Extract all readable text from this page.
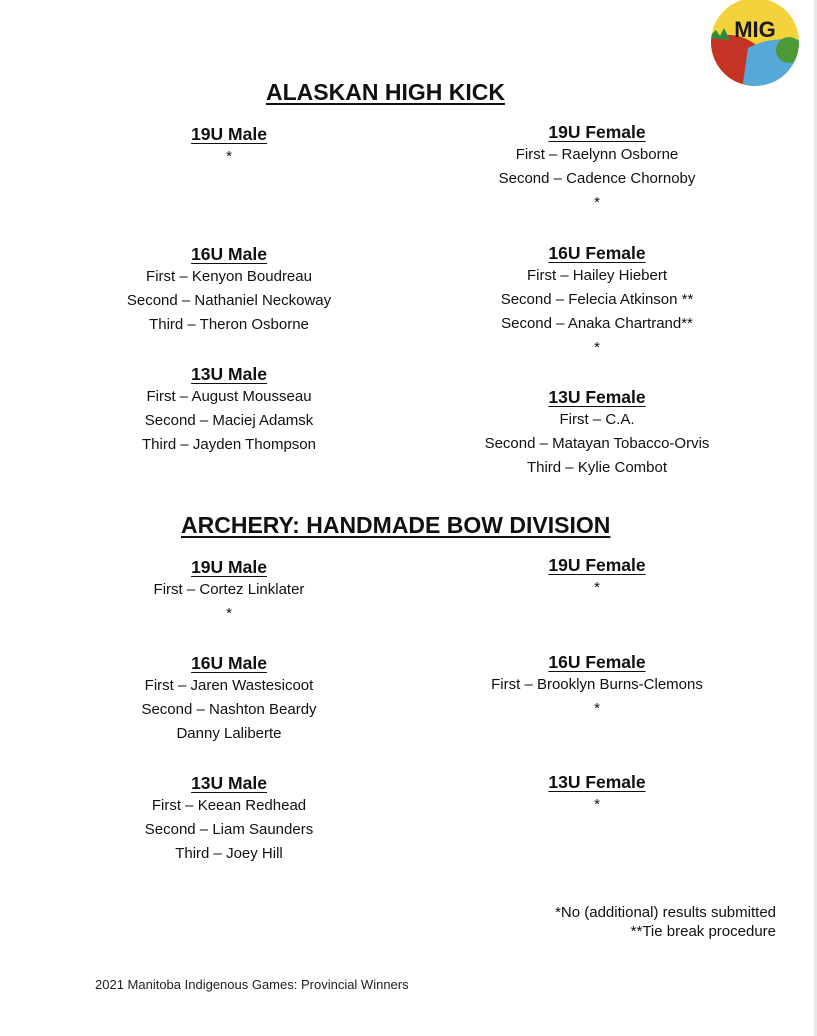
MIG
ALASKAN HIGH KICK
19U Male
*
19U Female
First – Raelynn Osborne
Second – Cadence Chornoby
*
16U Male
First – Kenyon Boudreau
Second – Nathaniel Neckoway
Third – Theron Osborne
16U Female
First – Hailey Hiebert
Second – Felecia Atkinson **
Second – Anaka Chartrand**
*
13U Male
First – August Mousseau
Second – Maciej Adamsk
Third – Jayden Thompson
13U Female
First – C.A.
Second – Matayan Tobacco-Orvis
Third – Kylie Combot
ARCHERY: HANDMADE BOW DIVISION
19U Male
First – Cortez Linklater
*
19U Female
*
16U Male
First – Jaren Wastesicoot
Second – Nashton Beardy
Danny Laliberte
16U Female
First – Brooklyn Burns-Clemons
*
13U Male
First – Keean Redhead
Second – Liam Saunders
Third – Joey Hill
13U Female
*
*No (additional) results submitted
**Tie break procedure
2021 Manitoba Indigenous Games: Provincial Winners
